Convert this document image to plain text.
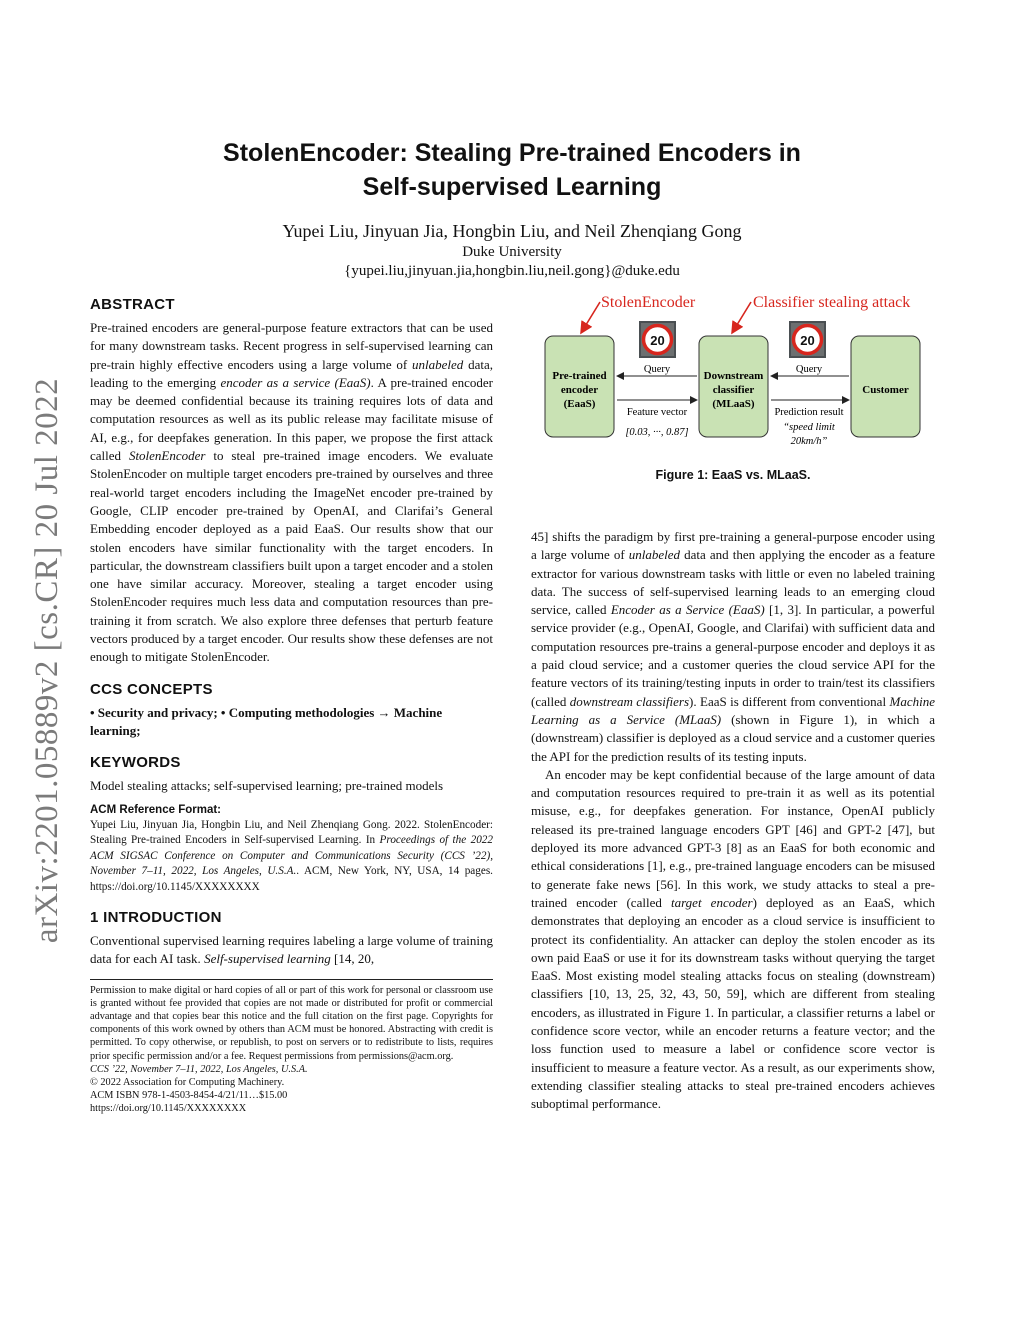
arXiv:2201.05889v2 [cs.CR] 20 Jul 2022
StolenEncoder: Stealing Pre-trained Encoders in
Self-supervised Learning
Yupei Liu, Jinyuan Jia, Hongbin Liu, and Neil Zhenqiang Gong
Duke University
{yupei.liu,jinyuan.jia,hongbin.liu,neil.gong}@duke.edu
ABSTRACT

Pre-trained encoders are general-purpose feature extractors that can be used for many downstream tasks. Recent progress in self-supervised learning can pre-train highly effective encoders using a large volume of unlabeled data, leading to the emerging encoder as a service (EaaS). A pre-trained encoder may be deemed confidential because its training requires lots of data and computation resources as well as its public release may facilitate misuse of AI, e.g., for deepfakes generation. In this paper, we propose the first attack called StolenEncoder to steal pre-trained image encoders. We evaluate StolenEncoder on multiple target encoders pre-trained by ourselves and three real-world target encoders including the ImageNet encoder pre-trained by Google, CLIP encoder pre-trained by OpenAI, and Clarifai’s General Embedding encoder deployed as a paid EaaS. Our results show that our stolen encoders have similar functionality with the target encoders. In particular, the downstream classifiers built upon a target encoder and a stolen one have similar accuracy. Moreover, stealing a target encoder using StolenEncoder requires much less data and computation resources than pre-training it from scratch. We also explore three defenses that perturb feature vectors produced by a target encoder. Our results show these defenses are not enough to mitigate StolenEncoder.

CCS CONCEPTS

• Security and privacy; • Computing methodologies → Machine learning;

KEYWORDS

Model stealing attacks; self-supervised learning; pre-trained models

ACM Reference Format:

Yupei Liu, Jinyuan Jia, Hongbin Liu, and Neil Zhenqiang Gong. 2022. StolenEncoder: Stealing Pre-trained Encoders in Self-supervised Learning. In Proceedings of the 2022 ACM SIGSAC Conference on Computer and Communications Security (CCS ’22), November 7–11, 2022, Los Angeles, U.S.A.. ACM, New York, NY, USA, 14 pages. https://doi.org/10.1145/XXXXXXXX

1 INTRODUCTION

Conventional supervised learning requires labeling a large volume of training data for each AI task. Self-supervised learning [14, 20,

Permission to make digital or hard copies of all or part of this work for personal or classroom use is granted without fee provided that copies are not made or distributed for profit or commercial advantage and that copies bear this notice and the full citation on the first page. Copyrights for components of this work owned by others than ACM must be honored. Abstracting with credit is permitted. To copy otherwise, or republish, to post on servers or to redistribute to lists, requires prior specific permission and/or a fee. Request permissions from permissions@acm.org.

CCS ’22, November 7–11, 2022, Los Angeles, U.S.A.

© 2022 Association for Computing Machinery.

ACM ISBN 978-1-4503-8454-4/21/11…$15.00

https://doi.org/10.1145/XXXXXXXX

StolenEncoder	Classifier stealing attack
Pre-trained
encoder
(EaaS)
Downstream
classifier
(MLaaS)
Customer
20	20
Query	Query
Feature vector
[0.03, ···, 0.87]
Prediction result
“speed limit
20km/h”
Figure 1: EaaS vs. MLaaS.

45] shifts the paradigm by first pre-training a general-purpose encoder using a large volume of unlabeled data and then applying the encoder as a feature extractor for various downstream tasks with little or even no labeled training data. The success of self-supervised learning leads to an emerging cloud service, called Encoder as a Service (EaaS) [1, 3]. In particular, a powerful service provider (e.g., OpenAI, Google, and Clarifai) with sufficient data and computation resources pre-trains a general-purpose encoder and deploys it as a paid cloud service; and a customer queries the cloud service API for the feature vectors of its training/testing inputs in order to train/test its classifiers (called downstream classifiers). EaaS is different from conventional Machine Learning as a Service (MLaaS) (shown in Figure 1), in which a (downstream) classifier is deployed as a cloud service and a customer queries the API for the prediction results of its testing inputs.

An encoder may be kept confidential because of the large amount of data and computation resources required to pre-train it as well as its potential misuse, e.g., for deepfakes generation. For instance, OpenAI publicly released its pre-trained language encoders GPT [46] and GPT-2 [47], but deployed its more advanced GPT-3 [8] as an EaaS for both economic and ethical considerations [1], e.g., pre-trained language encoders can be misused to generate fake news [56]. In this work, we study attacks to steal a pre-trained encoder (called target encoder) deployed as an EaaS, which demonstrates that deploying an encoder as a cloud service is insufficient to protect its confidentiality. An attacker can deploy the stolen encoder as its own paid EaaS or use it for its downstream tasks without querying the target EaaS. Most existing model stealing attacks focus on stealing (downstream) classifiers [10, 13, 25, 32, 43, 50, 59], which are different from stealing encoders, as illustrated in Figure 1. In particular, a classifier returns a label or confidence score vector, while an encoder returns a feature vector; and the loss function used to measure a label or confidence score vector is insufficient to measure a feature vector. As a result, as our experiments show, extending classifier stealing attacks to steal pre-trained encoders achieves suboptimal performance.
